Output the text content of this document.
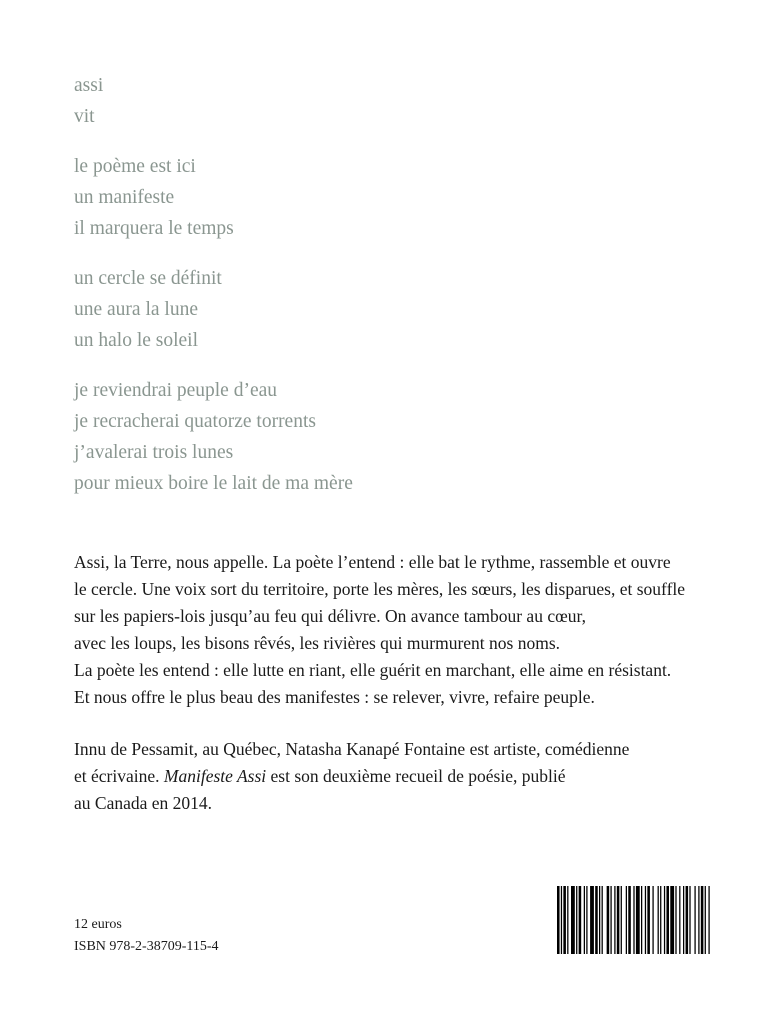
assi
vit
le poème est ici
un manifeste
il marquera le temps
un cercle se définit
une aura la lune
un halo le soleil
je reviendrai peuple d’eau
je recracherai quatorze torrents
j’avalerai trois lunes
pour mieux boire le lait de ma mère
Assi, la Terre, nous appelle. La poète l’entend : elle bat le rythme, rassemble et ouvre
le cercle. Une voix sort du territoire, porte les mères, les sœurs, les disparues, et souffle
sur les papiers-lois jusqu’au feu qui délivre. On avance tambour au cœur,
avec les loups, les bisons rêvés, les rivières qui murmurent nos noms.
La poète les entend : elle lutte en riant, elle guérit en marchant, elle aime en résistant.
Et nous offre le plus beau des manifestes : se relever, vivre, refaire peuple.
Innu de Pessamit, au Québec, Natasha Kanapé Fontaine est artiste, comédienne
et écrivaine. Manifeste Assi est son deuxième recueil de poésie, publié
au Canada en 2014.
12 euros
ISBN 978-2-38709-115-4
